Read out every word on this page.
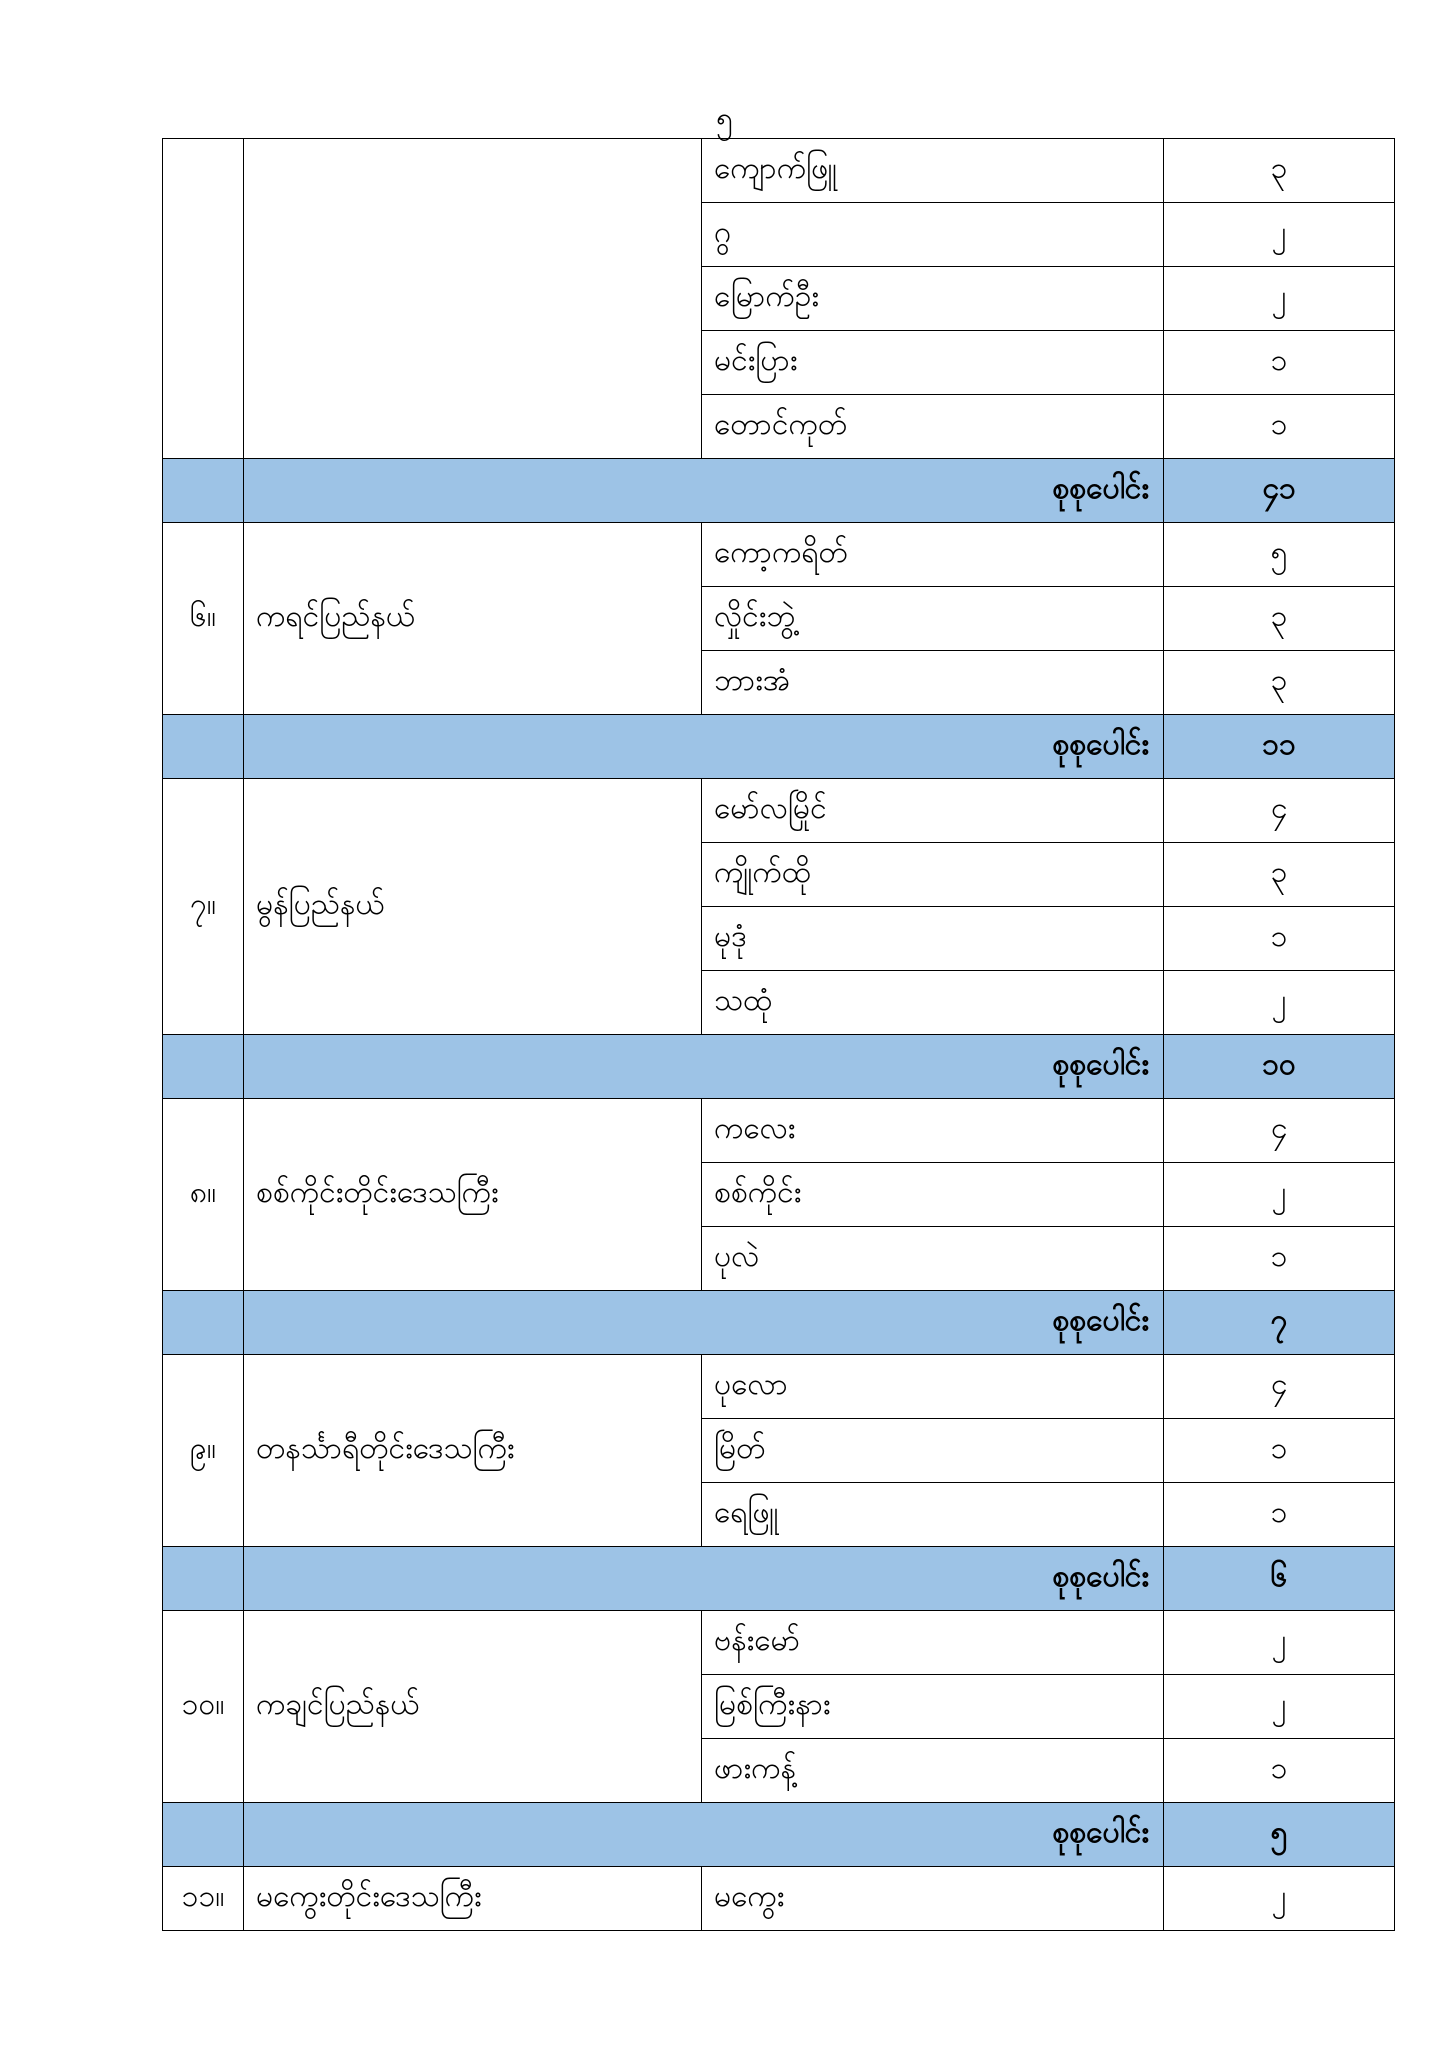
၅
		ကျောက်ဖြူ	၃
		ဂွ	၂
		မြောက်ဦး	၂
		မင်းပြား	၁
		တောင်ကုတ်	၁
	စုစုပေါင်း		၄၁
၆။	ကရင်ပြည်နယ်	ကော့ကရိတ်	၅
		လှိုင်းဘွဲ့	၃
		ဘားအံ	၃
	စုစုပေါင်း		၁၁
၇။	မွန်ပြည်နယ်	မော်လမြိုင်	၄
		ကျိုက်ထို	၃
		မုဒုံ	၁
		သထုံ	၂
	စုစုပေါင်း		၁၀
၈။	စစ်ကိုင်းတိုင်းဒေသကြီး	ကလေး	၄
		စစ်ကိုင်း	၂
		ပုလဲ	၁
	စုစုပေါင်း		၇
၉။	တနင်္သာရီတိုင်းဒေသကြီး	ပုလော	၄
		မြိတ်	၁
		ရေဖြူ	၁
	စုစုပေါင်း		၆
၁၀။	ကချင်ပြည်နယ်	ဗန်းမော်	၂
		မြစ်ကြီးနား	၂
		ဖားကန့်	၁
	စုစုပေါင်း		၅
၁၁။	မကွေးတိုင်းဒေသကြီး	မကွေး	၂
